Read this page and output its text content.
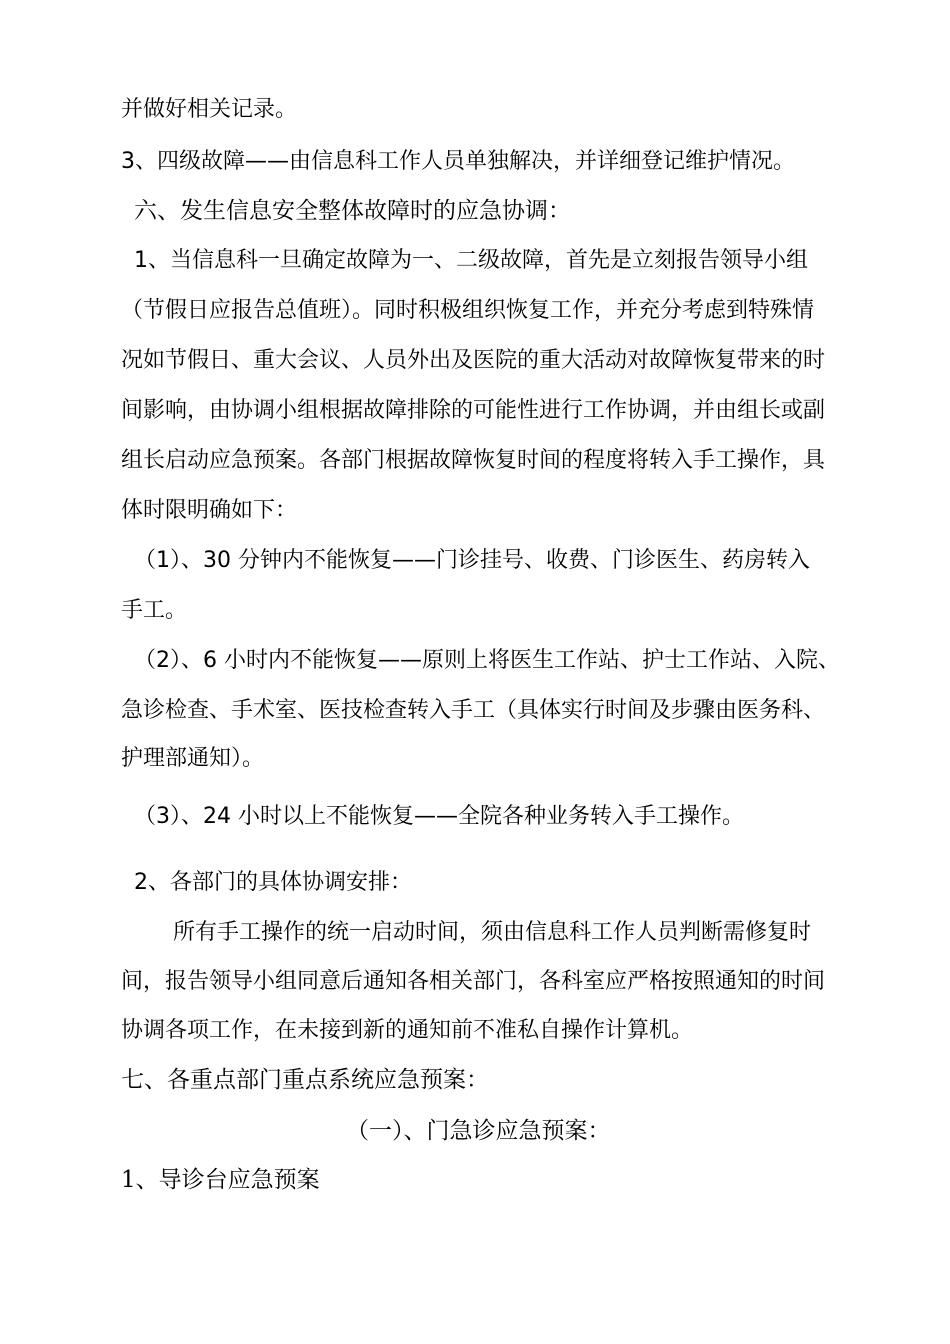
并做好相关记录。
3、四级故障——由信息科工作人员单独解决，并详细登记维护情况。
六、发生信息安全整体故障时的应急协调：
1、当信息科一旦确定故障为一、二级故障，首先是立刻报告领导小组
（节假日应报告总值班）。同时积极组织恢复工作，并充分考虑到特殊情
况如节假日、重大会议、人员外出及医院的重大活动对故障恢复带来的时
间影响，由协调小组根据故障排除的可能性进行工作协调，并由组长或副
组长启动应急预案。各部门根据故障恢复时间的程度将转入手工操作，具
体时限明确如下：
（1）、30 分钟内不能恢复——门诊挂号、收费、门诊医生、药房转入
手工。
（2）、6 小时内不能恢复——原则上将医生工作站、护士工作站、入院、
急诊检查、手术室、医技检查转入手工（具体实行时间及步骤由医务科、
护理部通知）。
（3）、24 小时以上不能恢复——全院各种业务转入手工操作。
2、各部门的具体协调安排：
所有手工操作的统一启动时间，须由信息科工作人员判断需修复时
间，报告领导小组同意后通知各相关部门，各科室应严格按照通知的时间
协调各项工作，在未接到新的通知前不准私自操作计算机。
七、各重点部门重点系统应急预案：
（一）、门急诊应急预案：
1、导诊台应急预案
